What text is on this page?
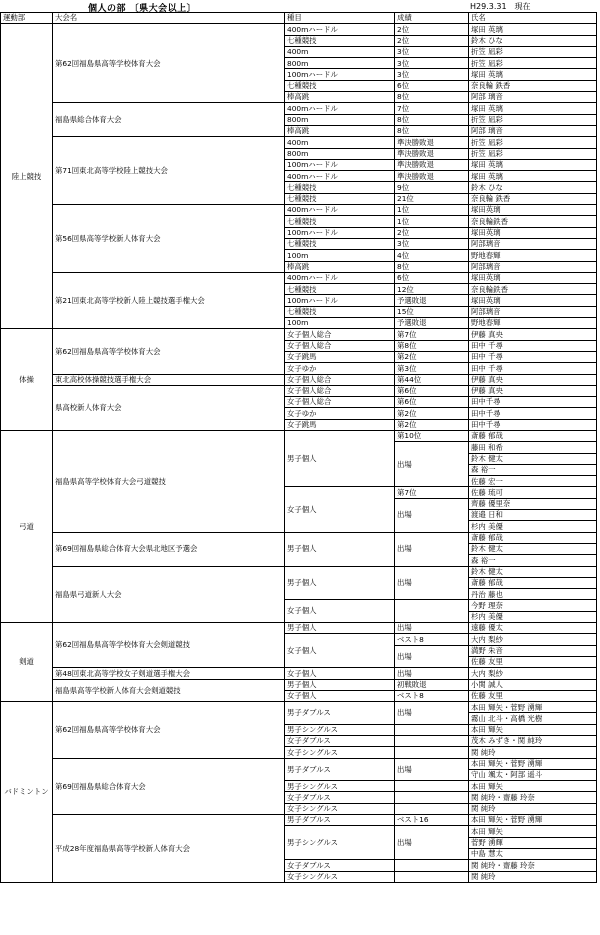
個人の部 〔県大会以上〕	H29.3.31　現在
運動部	大会名	種目	成績	氏名
陸上競技	第62回福島県高等学校体育大会	400mハードル	2位	塚田 英璃
		七種競技	2位	鈴木 ひな
		400m	3位	折笠 凪彩
		800m	3位	折笠 凪彩
		100mハードル	3位	塚田 英璃
		七種競技	6位	奈良輪 鉄香
		棒高跳	8位	阿部 璃音
	福島県総合体育大会	400mハードル	7位	塚田 英璃
		800m	8位	折笠 凪彩
		棒高跳	8位	阿部 璃音
	第71回東北高等学校陸上競技大会	400m	準決勝敗退	折笠 凪彩
		800m	準決勝敗退	折笠 凪彩
		100mハードル	準決勝敗退	塚田 英璃
		400mハードル	準決勝敗退	塚田 英璃
		七種競技	9位	鈴木 ひな
		七種競技	21位	奈良輪 鉄香
	第56回県高等学校新人体育大会	400mハードル	1位	塚田英璃
		七種競技	1位	奈良輪鉄香
		100mハードル	2位	塚田英璃
		七種競技	3位	阿部璃音
		100m	4位	野地春輝
		棒高跳	8位	阿部璃音
	第21回東北高等学校新人陸上競技選手権大会	400mハードル	6位	塚田英璃
		七種競技	12位	奈良輪鉄香
		100mハードル	予選敗退	塚田英璃
		七種競技	15位	阿部璃音
		100m	予選敗退	野地春輝
体操	第62回福島県高等学校体育大会	女子個人総合	第7位	伊藤 真央
		女子個人総合	第8位	田中 千尋
		女子跳馬	第2位	田中 千尋
		女子ゆか	第3位	田中 千尋
	東北高校体操競技選手権大会	女子個人総合	第44位	伊藤 真央
	県高校新人体育大会	女子個人総合	第6位	伊藤 真央
		女子個人総合	第6位	田中千尋
		女子ゆか	第2位	田中千尋
		女子跳馬	第2位	田中千尋
弓道	福島県高等学校体育大会弓道競技	男子個人	第10位	斎藤 郁哉
			出場	藤田 和希
				鈴木 健太
				森 裕一
				佐藤 宏一
		女子個人	第7位	佐藤 琉可
			出場	齊藤 優里奈
				渡邉 日和
				杉内 美優
	第69回福島県総合体育大会県北地区予選会	男子個人	出場	斎藤 郁哉
				鈴木 健太
				森 裕一
	福島県弓道新人大会	男子個人	出場	鈴木 健太
				斎藤 郁哉
				丹治 藤也
		女子個人		今野 理奈
				杉内 美優
剣道	第62回福島県高等学校体育大会剣道競技	男子個人	出場	遠藤 優太
		女子個人	ベスト8	大内 梨紗
			出場	満野 朱音
				佐藤 友里
	第48回東北高等学校女子剣道選手権大会	女子個人	出場	大内 梨紗
	福島県高等学校新人体育大会剣道競技	男子個人	初戦敗退	小関 誠人
		女子個人	ベスト8	佐藤 友里
バドミントン	第62回福島県高等学校体育大会	男子ダブルス	出場	本田 輝矢・菅野 湧輝
				霧山 北斗・高橋 光樹
		男子シングルス		本田 輝矢
		女子ダブルス		茂木 みずき・関 純玲
		女子シングルス		関 純玲
	第69回福島県総合体育大会	男子ダブルス	出場	本田 輝矢・菅野 湧輝
				守山 颯太・阿部 遥斗
		男子シングルス		本田 輝矢
		女子ダブルス		関 純玲・齋藤 玲奈
		女子シングルス		関 純玲
	平成28年度福島県高等学校新人体育大会	男子ダブルス	ベスト16	本田 輝矢・菅野 湧輝
		男子シングルス	出場	本田 輝矢
				菅野 湧輝
				中島 慧太
		女子ダブルス		関 純玲・齋藤 玲奈
		女子シングルス		関 純玲
